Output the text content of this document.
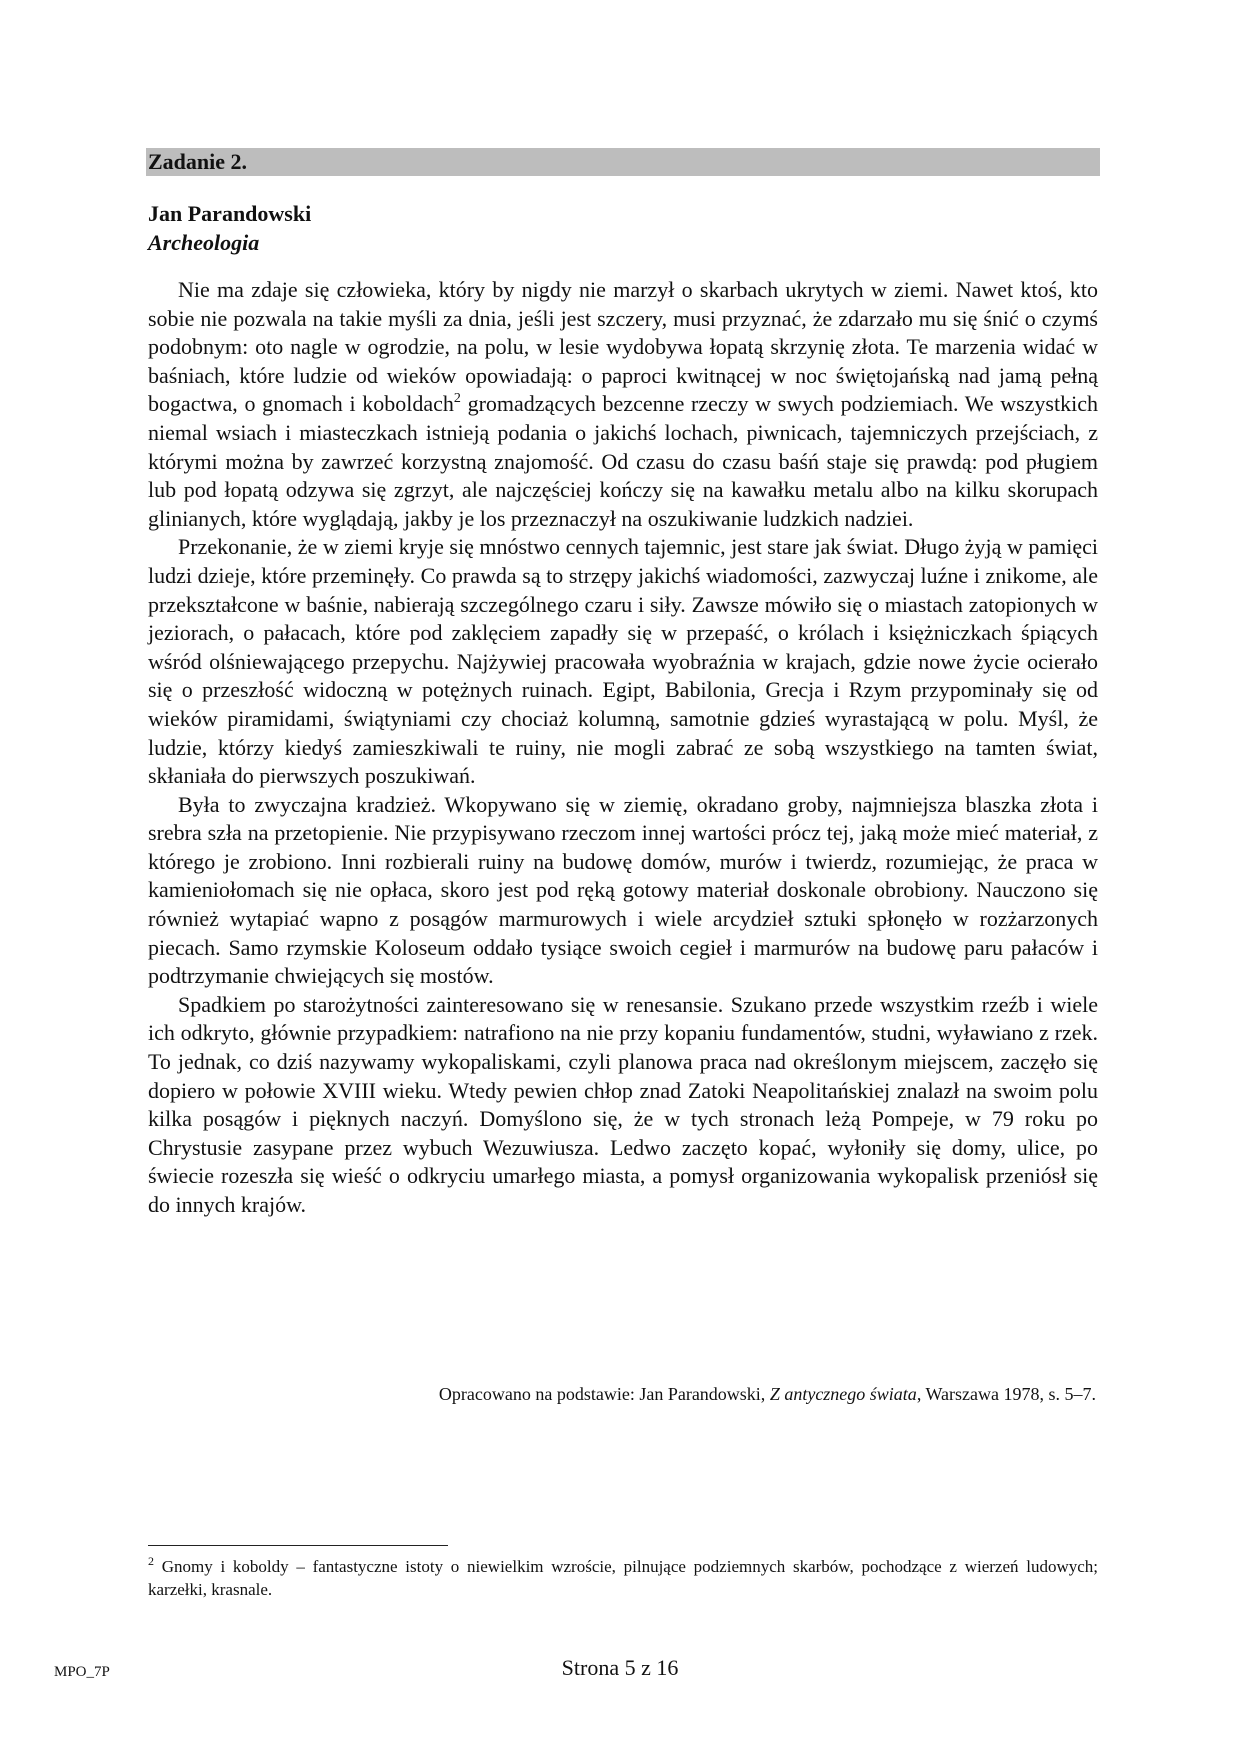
Zadanie 2.
Jan Parandowski
Archeologia

Nie ma zdaje się człowieka, który by nigdy nie marzył o skarbach ukrytych w ziemi. Nawet ktoś, kto sobie nie pozwala na takie myśli za dnia, jeśli jest szczery, musi przyznać, że zdarzało mu się śnić o czymś podobnym: oto nagle w ogrodzie, na polu, w lesie wydobywa łopatą skrzynię złota. Te marzenia widać w baśniach, które ludzie od wieków opowiadają: o paproci kwitnącej w noc świętojańską nad jamą pełną bogactwa, o gnomach i koboldach$^2$ gromadzących bezcenne rzeczy w swych podziemiach. We wszystkich niemal wsiach i miasteczkach istnieją podania o jakichś lochach, piwnicach, tajemniczych przejściach, z którymi można by zawrzeć korzystną znajomość. Od czasu do czasu baśń staje się prawdą: pod pługiem lub pod łopatą odzywa się zgrzyt, ale najczęściej kończy się na kawałku metalu albo na kilku skorupach glinianych, które wyglądają, jakby je los przeznaczył na oszukiwanie ludzkich nadziei.

Przekonanie, że w ziemi kryje się mnóstwo cennych tajemnic, jest stare jak świat. Długo żyją w pamięci ludzi dzieje, które przeminęły. Co prawda są to strzępy jakichś wiadomości, zazwyczaj luźne i znikome, ale przekształcone w baśnie, nabierają szczególnego czaru i siły. Zawsze mówiło się o miastach zatopionych w jeziorach, o pałacach, które pod zaklęciem zapadły się w przepaść, o królach i księżniczkach śpiących wśród olśniewającego przepychu. Najżywiej pracowała wyobraźnia w krajach, gdzie nowe życie ocierało się o przeszłość widoczną w potężnych ruinach. Egipt, Babilonia, Grecja i Rzym przypominały się od wieków piramidami, świątyniami czy chociaż kolumną, samotnie gdzieś wyrastającą w polu. Myśl, że ludzie, którzy kiedyś zamieszkiwali te ruiny, nie mogli zabrać ze sobą wszystkiego na tamten świat, skłaniała do pierwszych poszukiwań.

Była to zwyczajna kradzież. Wkopywano się w ziemię, okradano groby, najmniejsza blaszka złota i srebra szła na przetopienie. Nie przypisywano rzeczom innej wartości prócz tej, jaką może mieć materiał, z którego je zrobiono. Inni rozbierali ruiny na budowę domów, murów i twierdz, rozumiejąc, że praca w kamieniołomach się nie opłaca, skoro jest pod ręką gotowy materiał doskonale obrobiony. Nauczono się również wytapiać wapno z posągów marmurowych i wiele arcydzieł sztuki spłonęło w rozżarzonych piecach. Samo rzymskie Koloseum oddało tysiące swoich cegieł i marmurów na budowę paru pałaców i podtrzymanie chwiejących się mostów.

Spadkiem po starożytności zainteresowano się w renesansie. Szukano przede wszystkim rzeźb i wiele ich odkryto, głównie przypadkiem: natrafiono na nie przy kopaniu fundamentów, studni, wyławiano z rzek. To jednak, co dziś nazywamy wykopaliskami, czyli planowa praca nad określonym miejscem, zaczęło się dopiero w połowie XVIII wieku. Wtedy pewien chłop znad Zatoki Neapolitańskiej znalazł na swoim polu kilka posągów i pięknych naczyń. Domyślono się, że w tych stronach leżą Pompeje, w 79 roku po Chrystusie zasypane przez wybuch Wezuwiusza. Ledwo zaczęto kopać, wyłoniły się domy, ulice, po świecie rozeszła się wieść o odkryciu umarłego miasta, a pomysł organizowania wykopalisk przeniósł się do innych krajów.

Opracowano na podstawie: Jan Parandowski, Z antycznego świata, Warszawa 1978, s. 5–7.
$^2$ Gnomy i koboldy – fantastyczne istoty o niewielkim wzroście, pilnujące podziemnych skarbów, pochodzące z wierzeń ludowych; karzełki, krasnale.
MPO_7P	Strona 5 z 16
